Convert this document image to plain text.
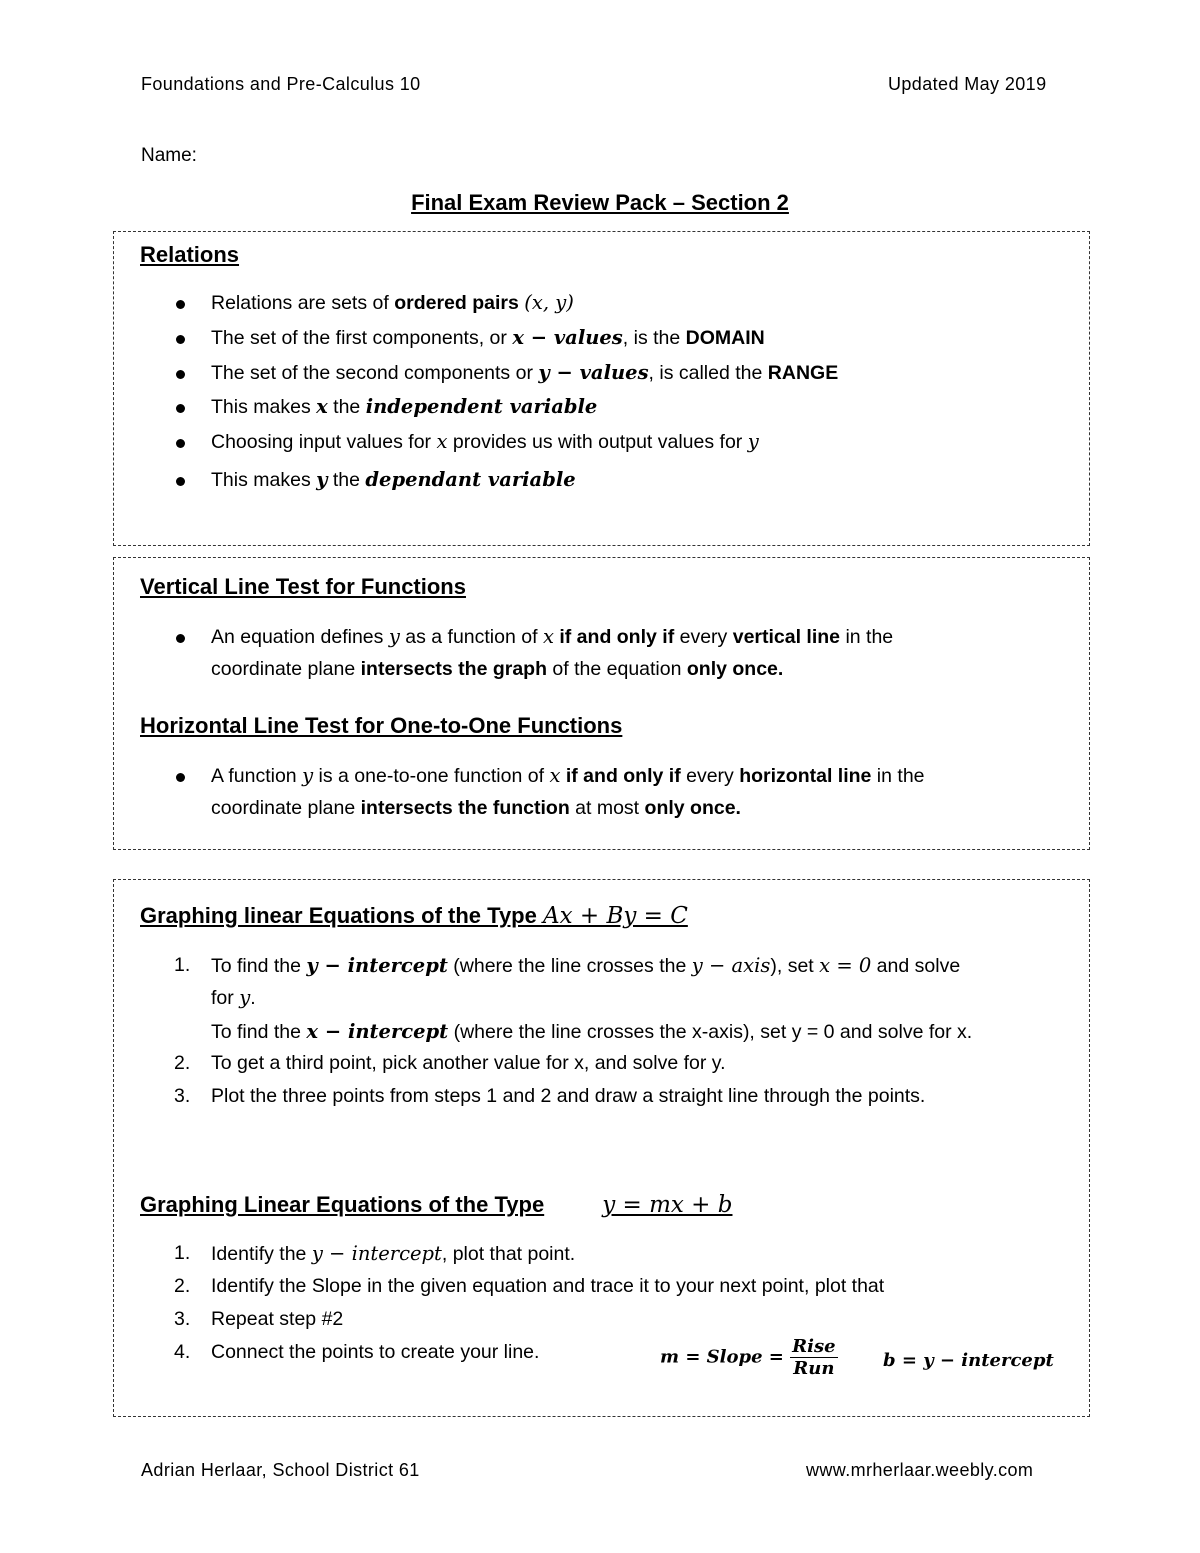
Foundations and Pre-Calculus 10	Updated May 2019
Name:
Final Exam Review Pack – Section 2
Relations
Relations are sets of ordered pairs (x, y)
The set of the first components, or x − values, is the DOMAIN
The set of the second components or y − values, is called the RANGE
This makes x the independent variable
Choosing input values for x provides us with output values for y
This makes y the dependant variable
Vertical Line Test for Functions
An equation defines y as a function of x if and only if every vertical line in the
coordinate plane intersects the graph of the equation only once.
Horizontal Line Test for One-to-One Functions
A function y is a one-to-one function of x if and only if every horizontal line in the
coordinate plane intersects the function at most only once.
Graphing linear Equations of the Type Ax + By = C
1. To find the y − intercept (where the line crosses the y − axis), set x = 0 and solve
for y.
To find the x − intercept (where the line crosses the x-axis), set y = 0 and solve for x.
2. To get a third point, pick another value for x, and solve for y.
3. Plot the three points from steps 1 and 2 and draw a straight line through the points.
Graphing Linear Equations of the Type	y = mx + b
1. Identify the y − intercept, plot that point.
2. Identify the Slope in the given equation and trace it to your next point, plot that
3. Repeat step #2
4. Connect the points to create your line.	m = Slope = $\frac{\text{Rise}}{\text{Run}}$	b = y − intercept
Adrian Herlaar, School District 61	www.mrherlaar.weebly.com
